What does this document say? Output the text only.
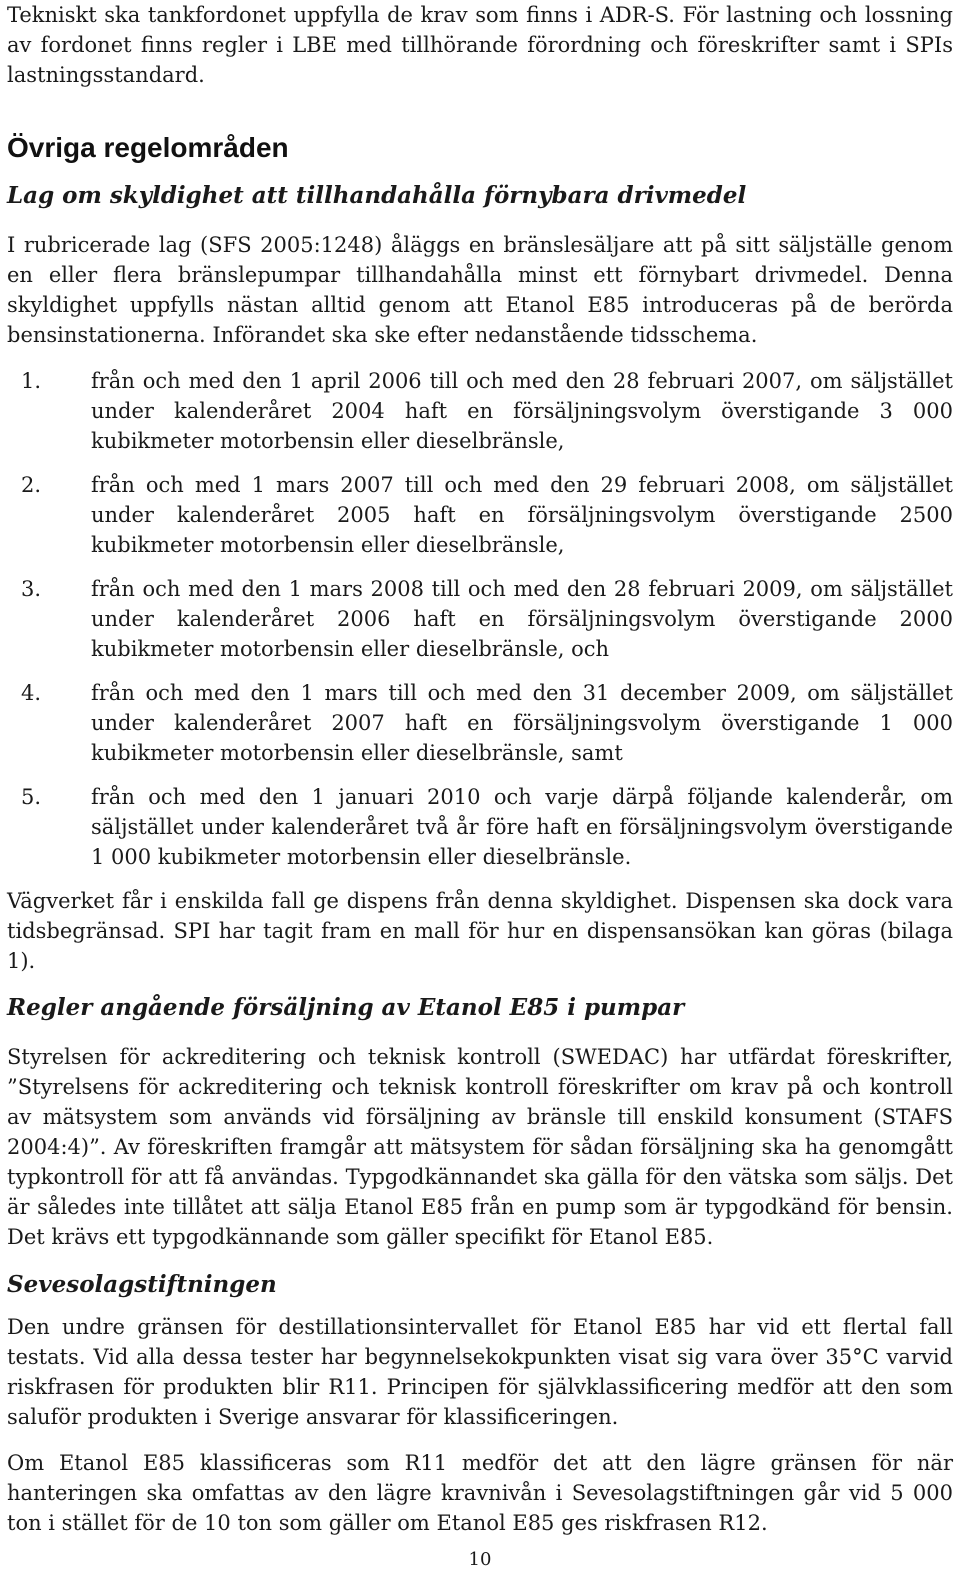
Tekniskt ska tankfordonet uppfylla de krav som finns i ADR-S. För lastning och lossning av fordonet finns regler i LBE med tillhörande förordning och föreskrifter samt i SPIs lastningsstandard.

Övriga regelområden
Lag om skyldighet att tillhandahålla förnybara drivmedel

I rubricerade lag (SFS 2005:1248) åläggs en bränslesäljare att på sitt säljställe genom en eller flera bränslepumpar tillhandahålla minst ett förnybart drivmedel. Denna skyldighet uppfylls nästan alltid genom att Etanol E85 introduceras på de berörda bensinstationerna. Införandet ska ske efter nedanstående tidsschema.

1. från och med den 1 april 2006 till och med den 28 februari 2007, om säljstället under kalenderåret 2004 haft en försäljningsvolym överstigande 3 000 kubikmeter motorbensin eller dieselbränsle,
2. från och med 1 mars 2007 till och med den 29 februari 2008, om säljstället under kalenderåret 2005 haft en försäljningsvolym överstigande 2500 kubikmeter motorbensin eller dieselbränsle,
3. från och med den 1 mars 2008 till och med den 28 februari 2009, om säljstället under kalenderåret 2006 haft en försäljningsvolym överstigande 2000 kubikmeter motorbensin eller dieselbränsle, och
4. från och med den 1 mars till och med den 31 december 2009, om säljstället under kalenderåret 2007 haft en försäljningsvolym överstigande 1 000 kubikmeter motorbensin eller dieselbränsle, samt
5. från och med den 1 januari 2010 och varje därpå följande kalenderår, om säljstället under kalenderåret två år före haft en försäljningsvolym överstigande 1 000 kubikmeter motorbensin eller dieselbränsle.

Vägverket får i enskilda fall ge dispens från denna skyldighet. Dispensen ska dock vara tidsbegränsad. SPI har tagit fram en mall för hur en dispensansökan kan göras (bilaga 1).

Regler angående försäljning av Etanol E85 i pumpar

Styrelsen för ackreditering och teknisk kontroll (SWEDAC) har utfärdat föreskrifter, ”Styrelsens för ackreditering och teknisk kontroll föreskrifter om krav på och kontroll av mätsystem som används vid försäljning av bränsle till enskild konsument (STAFS 2004:4)”. Av föreskriften framgår att mätsystem för sådan försäljning ska ha genomgått typkontroll för att få användas. Typgodkännandet ska gälla för den vätska som säljs. Det är således inte tillåtet att sälja Etanol E85 från en pump som är typgodkänd för bensin. Det krävs ett typgodkännande som gäller specifikt för Etanol E85.

Sevesolagstiftningen

Den undre gränsen för destillationsintervallet för Etanol E85 har vid ett flertal fall testats. Vid alla dessa tester har begynnelsekokpunkten visat sig vara över 35°C varvid riskfrasen för produkten blir R11. Principen för självklassificering medför att den som saluför produkten i Sverige ansvarar för klassificeringen.

Om Etanol E85 klassificeras som R11 medför det att den lägre gränsen för när hanteringen ska omfattas av den lägre kravnivån i Sevesolagstiftningen går vid 5 000 ton i stället för de 10 ton som gäller om Etanol E85 ges riskfrasen R12.

10
